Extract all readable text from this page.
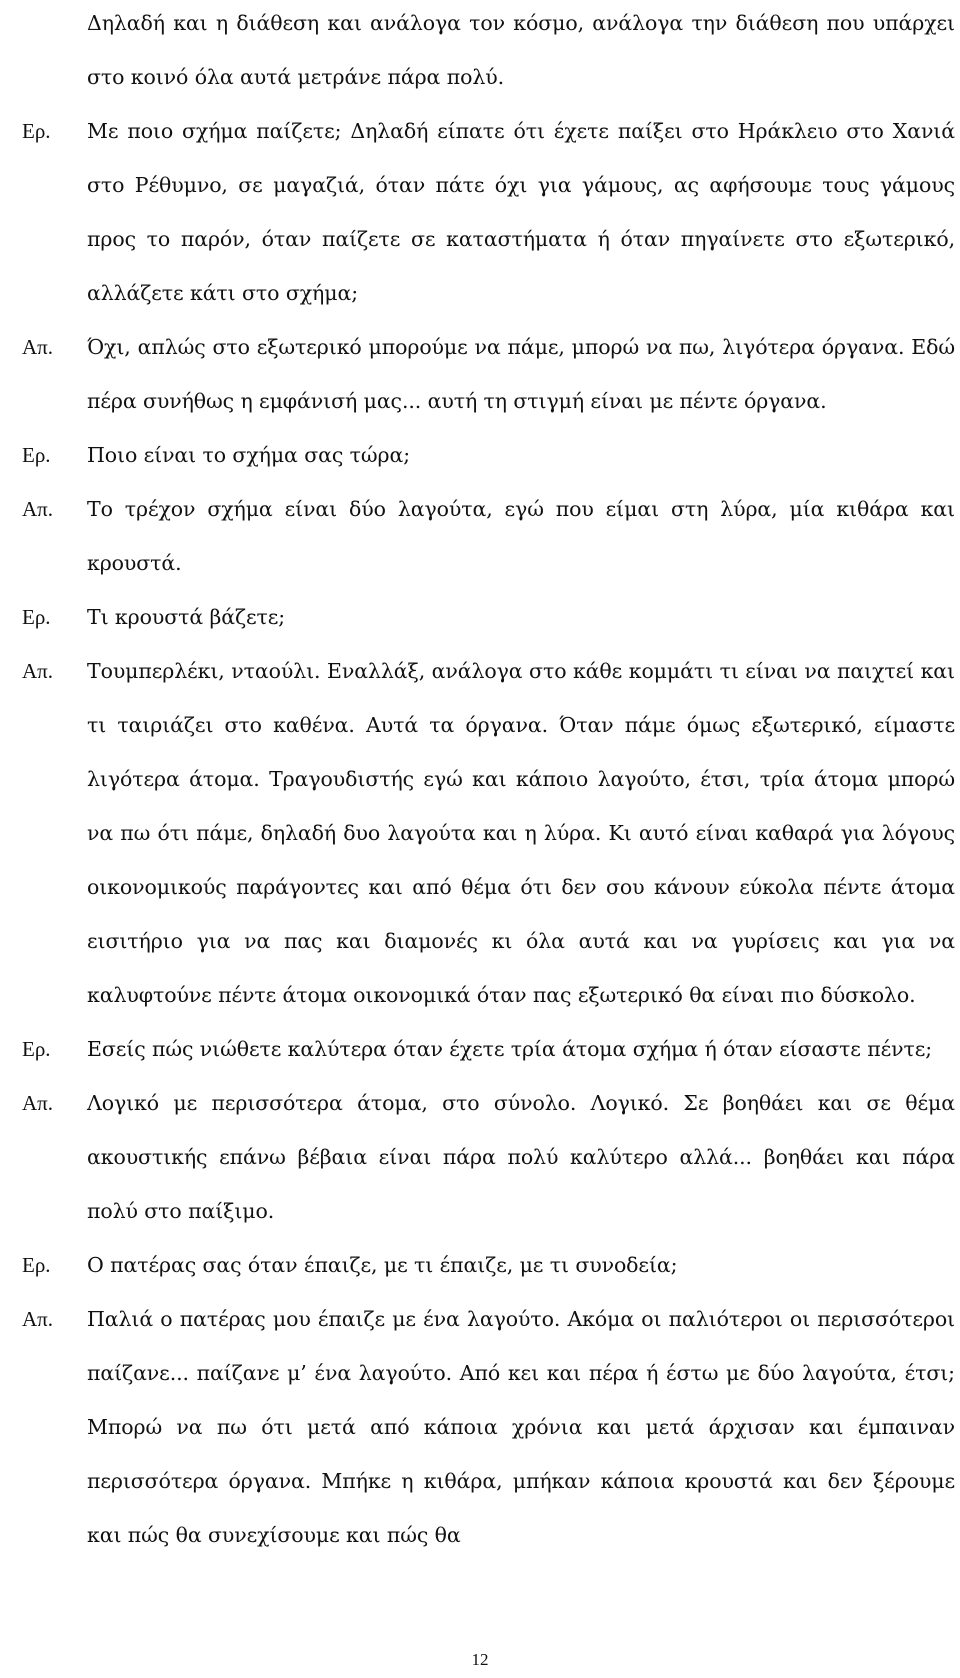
Δηλαδή και η διάθεση και ανάλογα τον κόσμο, ανάλογα την διάθεση που υπάρχει στο κοινό όλα αυτά μετράνε πάρα πολύ.
Ερ.	Με ποιο σχήμα παίζετε; Δηλαδή είπατε ότι έχετε παίξει στο Ηράκλειο στο Χανιά στο Ρέθυμνο, σε μαγαζιά, όταν πάτε όχι για γάμους, ας αφήσουμε τους γάμους προς το παρόν, όταν παίζετε σε καταστήματα ή όταν πηγαίνετε στο εξωτερικό, αλλάζετε κάτι στο σχήμα;
Απ.	Όχι, απλώς στο εξωτερικό μπορούμε να πάμε, μπορώ να πω, λιγότερα όργανα. Εδώ πέρα συνήθως η εμφάνισή μας... αυτή τη στιγμή είναι με πέντε όργανα.
Ερ.	Ποιο είναι το σχήμα σας τώρα;
Απ.	Το τρέχον σχήμα είναι δύο λαγούτα, εγώ που είμαι στη λύρα, μία κιθάρα και κρουστά.
Ερ.	Τι κρουστά βάζετε;
Απ.	Τουμπερλέκι, νταούλι. Εναλλάξ, ανάλογα στο κάθε κομμάτι τι είναι να παιχτεί και τι ταιριάζει στο καθένα. Αυτά τα όργανα. Όταν πάμε όμως εξωτερικό, είμαστε λιγότερα άτομα. Τραγουδιστής εγώ και κάποιο λαγούτο, έτσι, τρία άτομα μπορώ να πω ότι πάμε, δηλαδή δυο λαγούτα και η λύρα. Κι αυτό είναι καθαρά για λόγους οικονομικούς παράγοντες και από θέμα ότι δεν σου κάνουν εύκολα πέντε άτομα εισιτήριο για να πας και διαμονές κι όλα αυτά και να γυρίσεις και για να καλυφτούνε πέντε άτομα οικονομικά όταν πας εξωτερικό θα είναι πιο δύσκολο.
Ερ.	Εσείς πώς νιώθετε καλύτερα όταν έχετε τρία άτομα σχήμα ή όταν είσαστε πέντε;
Απ.	Λογικό με περισσότερα άτομα, στο σύνολο. Λογικό. Σε βοηθάει και σε θέμα ακουστικής επάνω βέβαια είναι πάρα πολύ καλύτερο αλλά... βοηθάει και πάρα πολύ στο παίξιμο.
Ερ.	Ο πατέρας σας όταν έπαιζε, με τι έπαιζε, με τι συνοδεία;
Απ.	Παλιά ο πατέρας μου έπαιζε με ένα λαγούτο. Ακόμα οι παλιότεροι οι περισσότεροι παίζανε... παίζανε μ’ ένα λαγούτο. Από κει και πέρα ή έστω με δύο λαγούτα, έτσι; Μπορώ να πω ότι μετά από κάποια χρόνια και μετά άρχισαν και έμπαιναν περισσότερα όργανα. Μπήκε η κιθάρα, μπήκαν κάποια κρουστά και δεν ξέρουμε και πώς θα συνεχίσουμε και πώς θα
12
